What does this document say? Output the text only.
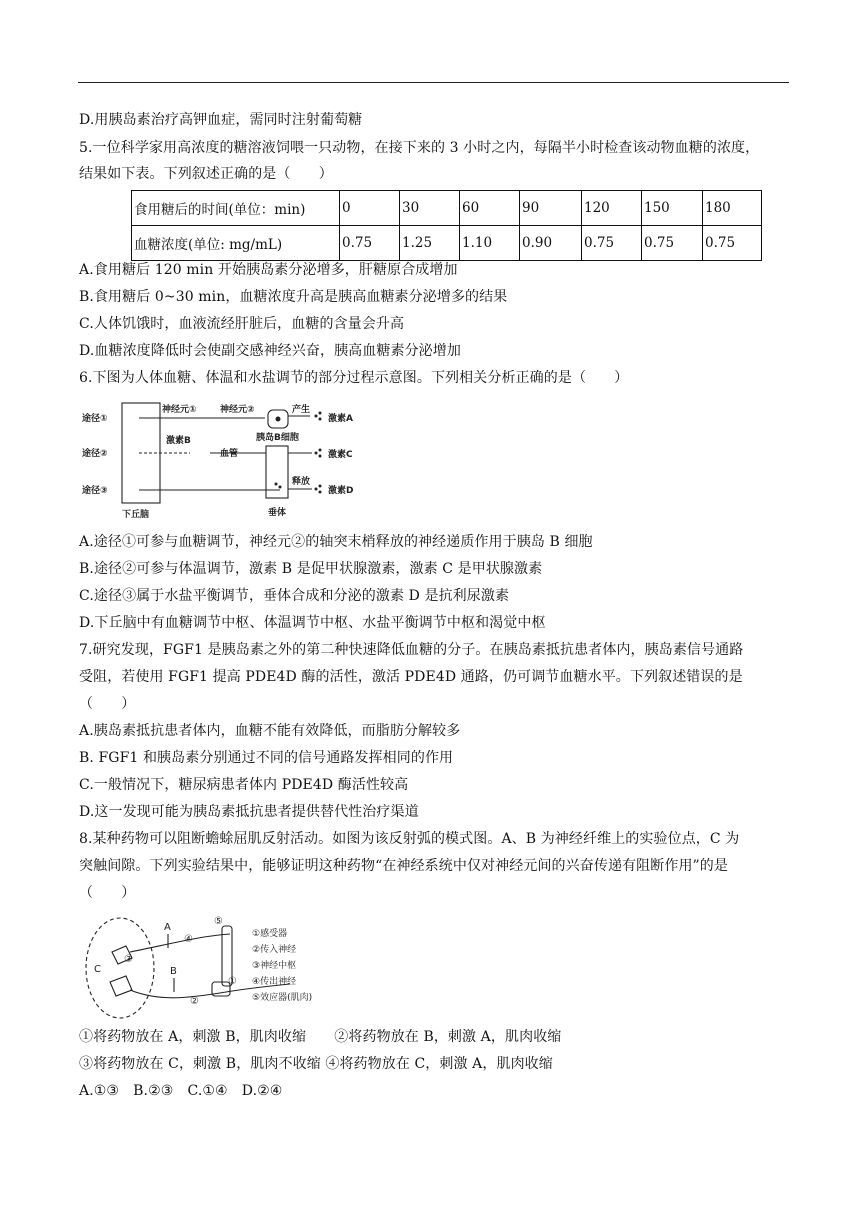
D.用胰岛素治疗高钾血症，需同时注射葡萄糖
5.一位科学家用高浓度的糖溶液饲喂一只动物，在接下来的 3 小时之内，每隔半小时检查该动物血糖的浓度，
结果如下表。下列叙述正确的是（　　）
食用糖后的时间(单位：min)	0	30	60	90	120	150	180
血糖浓度(单位: mg/mL)	0.75	1.25	1.10	0.90	0.75	0.75	0.75
A.食用糖后 120 min 开始胰岛素分泌增多，肝糖原合成增加
B.食用糖后 0~30 min，血糖浓度升高是胰高血糖素分泌增多的结果
C.人体饥饿时，血液流经肝脏后，血糖的含量会升高
D.血糖浓度降低时会使副交感神经兴奋，胰高血糖素分泌增加
6.下图为人体血糖、体温和水盐调节的部分过程示意图。下列相关分析正确的是（　　）
途径①
途径②
途径③
神经元①	神经元②
激素B
血管
胰岛B细胞
产生
释放
激素A
激素C
激素D
下丘脑	垂体
A.途径①可参与血糖调节，神经元②的轴突末梢释放的神经递质作用于胰岛 B 细胞
B.途径②可参与体温调节，激素 B 是促甲状腺激素，激素 C 是甲状腺激素
C.途径③属于水盐平衡调节，垂体合成和分泌的激素 D 是抗利尿激素
D.下丘脑中有血糖调节中枢、体温调节中枢、水盐平衡调节中枢和渴觉中枢
7.研究发现，FGF1 是胰岛素之外的第二种快速降低血糖的分子。在胰岛素抵抗患者体内，胰岛素信号通路
受阻，若使用 FGF1 提高 PDE4D 酶的活性，激活 PDE4D 通路，仍可调节血糖水平。下列叙述错误的是
（　　）
A.胰岛素抵抗患者体内，血糖不能有效降低，而脂肪分解较多
B. FGF1 和胰岛素分别通过不同的信号通路发挥相同的作用
C.一般情况下，糖尿病患者体内 PDE4D 酶活性较高
D.这一发现可能为胰岛素抵抗患者提供替代性治疗渠道
8.某种药物可以阻断蟾蜍屈肌反射活动。如图为该反射弧的模式图。A、B 为神经纤维上的实验位点，C 为
突触间隙。下列实验结果中，能够证明这种药物“在神经系统中仅对神经元间的兴奋传递有阻断作用”的是
（　　）
A
B
C
③
④
⑤
①
②
①感受器
②传入神经
③神经中枢
④传出神经
⑤效应器(肌肉)
①将药物放在 A，刺激 B，肌肉收缩　　②将药物放在 B，刺激 A，肌肉收缩
③将药物放在 C，刺激 B，肌肉不收缩 ④将药物放在 C，刺激 A，肌肉收缩
A.①③　B.②③　C.①④　D.②④
